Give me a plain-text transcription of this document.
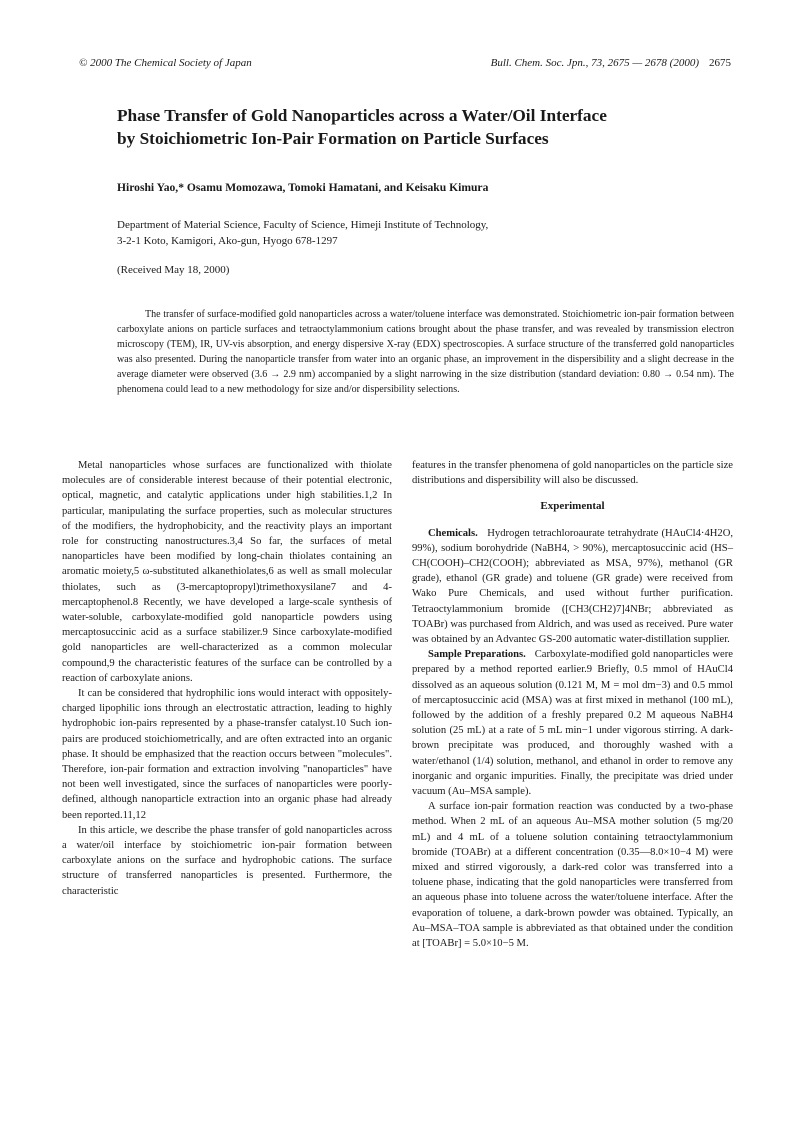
© 2000 The Chemical Society of Japan	Bull. Chem. Soc. Jpn., 73, 2675 — 2678 (2000) 2675
Phase Transfer of Gold Nanoparticles across a Water/Oil Interface
by Stoichiometric Ion-Pair Formation on Particle Surfaces

Hiroshi Yao,* Osamu Momozawa, Tomoki Hamatani, and Keisaku Kimura

Department of Material Science, Faculty of Science, Himeji Institute of Technology,
3-2-1 Koto, Kamigori, Ako-gun, Hyogo 678-1297
(Received May 18, 2000)

The transfer of surface-modified gold nanoparticles across a water/toluene interface was demonstrated. Stoichiometric ion-pair formation between carboxylate anions on particle surfaces and tetraoctylammonium cations brought about the phase transfer, and was revealed by transmission electron microscopy (TEM), IR, UV-vis absorption, and energy dispersive X-ray (EDX) spectroscopies. A surface structure of the transferred gold nanoparticles was also presented. During the nanoparticle transfer from water into an organic phase, an improvement in the dispersibility and a slight decrease in the average diameter were observed (3.6 → 2.9 nm) accompanied by a slight narrowing in the size distribution (standard deviation: 0.80 → 0.54 nm). The phenomena could lead to a new methodology for size and/or dispersibility selections.

Metal nanoparticles whose surfaces are functionalized with thiolate molecules are of considerable interest because of their potential electronic, optical, magnetic, and catalytic applications under high stabilities.1,2 In particular, manipulating the surface properties, such as molecular structures of the modifiers, the hydrophobicity, and the reactivity plays an important role for constructing nanostructures.3,4 So far, the surfaces of metal nanoparticles have been modified by long-chain thiolates containing an aromatic moiety,5 ω-substituted alkanethiolates,6 as well as small molecular thiolates, such as (3-mercaptopropyl)trimethoxysilane7 and 4-mercaptophenol.8 Recently, we have developed a large-scale synthesis of water-soluble, carboxylate-modified gold nanoparticle powders using mercaptosuccinic acid as a surface stabilizer.9 Since carboxylate-modified gold nanoparticles are well-characterized as a common molecular compound,9 the characteristic features of the surface can be controlled by a reaction of carboxylate anions.

It can be considered that hydrophilic ions would interact with oppositely-charged lipophilic ions through an electrostatic attraction, leading to highly hydrophobic ion-pairs represented by a phase-transfer catalyst.10 Such ion-pairs are produced stoichiometrically, and are often extracted into an organic phase. It should be emphasized that the reaction occurs between "molecules". Therefore, ion-pair formation and extraction involving "nanoparticles" have not been well investigated, since the surfaces of nanoparticles were poorly-defined, although nanoparticle extraction into an organic phase had already been reported.11,12

In this article, we describe the phase transfer of gold nanoparticles across a water/oil interface by stoichiometric ion-pair formation between carboxylate anions on the surface and hydrophobic cations. The surface structure of transferred nanoparticles is presented. Furthermore, the characteristic

features in the transfer phenomena of gold nanoparticles on the particle size distributions and dispersibility will also be discussed.

Experimental

Chemicals. Hydrogen tetrachloroaurate tetrahydrate (HAuCl4·4H2O, 99%), sodium borohydride (NaBH4, > 90%), mercaptosuccinic acid (HS–CH(COOH)–CH2(COOH); abbreviated as MSA, 97%), methanol (GR grade), ethanol (GR grade) and toluene (GR grade) were received from Wako Pure Chemicals, and used without further purification. Tetraoctylammonium bromide ([CH3(CH2)7]4NBr; abbreviated as TOABr) was purchased from Aldrich, and was used as received. Pure water was obtained by an Advantec GS-200 automatic water-distillation supplier.

Sample Preparations. Carboxylate-modified gold nanoparticles were prepared by a method reported earlier.9 Briefly, 0.5 mmol of HAuCl4 dissolved as an aqueous solution (0.121 M, M = mol dm−3) and 0.5 mmol of mercaptosuccinic acid (MSA) was at first mixed in methanol (100 mL), followed by the addition of a freshly prepared 0.2 M aqueous NaBH4 solution (25 mL) at a rate of 5 mL min−1 under vigorous stirring. A dark-brown precipitate was produced, and thoroughly washed with a water/ethanol (1/4) solution, methanol, and ethanol in order to remove any inorganic and organic impurities. Finally, the precipitate was dried under vacuum (Au–MSA sample).

A surface ion-pair formation reaction was conducted by a two-phase method. When 2 mL of an aqueous Au–MSA mother solution (5 mg/20 mL) and 4 mL of a toluene solution containing tetraoctylammonium bromide (TOABr) at a different concentration (0.35—8.0×10−4 M) were mixed and stirred vigorously, a dark-red color was transferred into a toluene phase, indicating that the gold nanoparticles were transferred from an aqueous phase into toluene across the water/toluene interface. After the evaporation of toluene, a dark-brown powder was obtained. Typically, an Au–MSA–TOA sample is abbreviated as that obtained under the condition at [TOABr] = 5.0×10−5 M.
